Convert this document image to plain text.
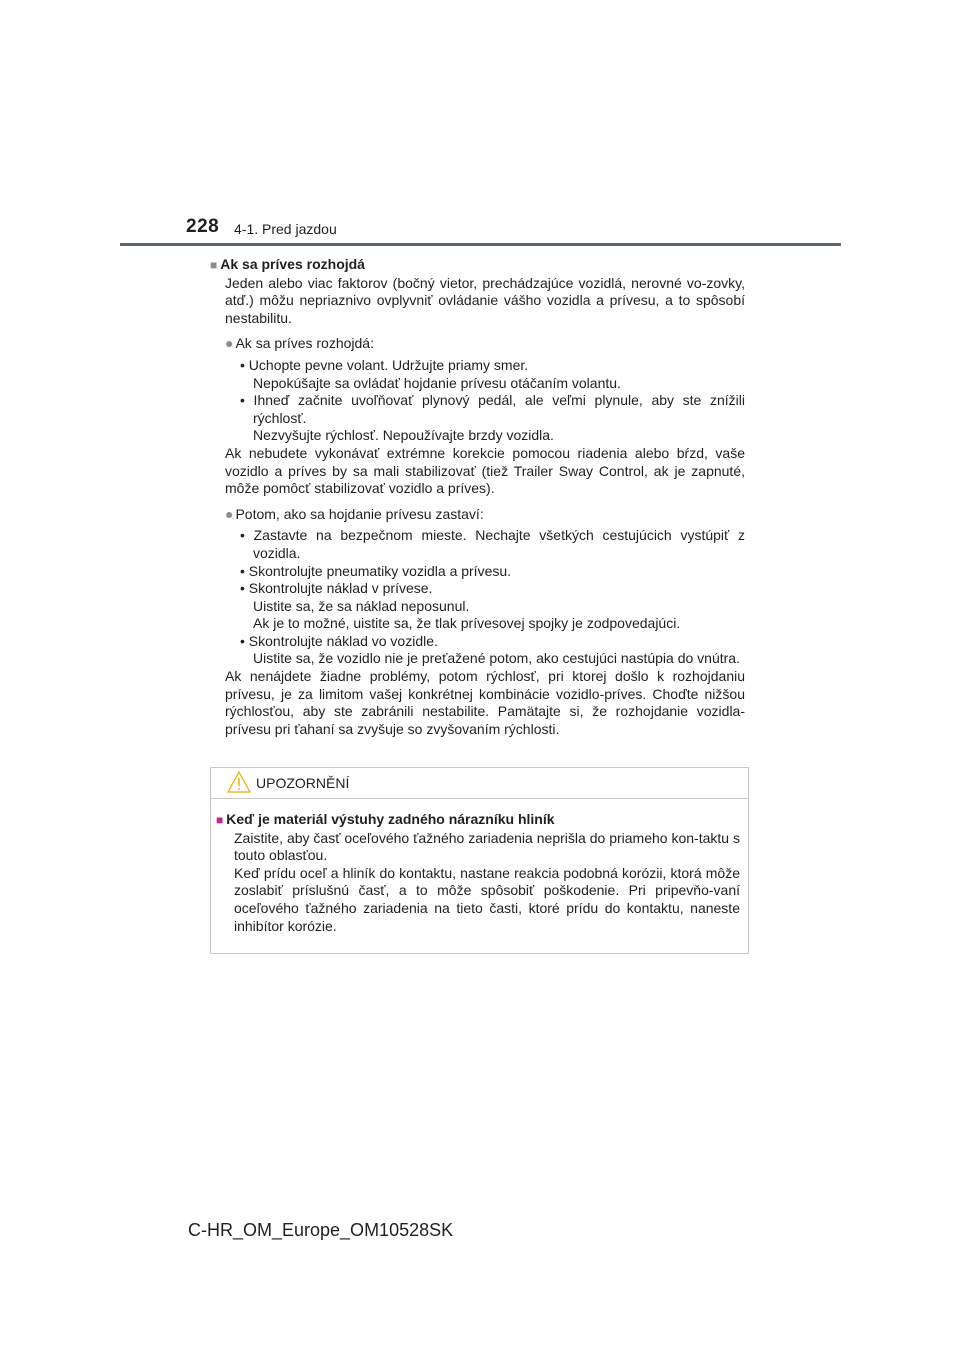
228 4-1. Pred jazdou

■ Ak sa príves rozhojdá

Jeden alebo viac faktorov (bočný vietor, prechádzajúce vozidlá, nerovné vo-zovky, atď.) môžu nepriaznivo ovplyvniť ovládanie vášho vozidla a prívesu, a to spôsobí nestabilitu.

● Ak sa príves rozhojdá:

• Uchopte pevne volant. Udržujte priamy smer.

Nepokúšajte sa ovládať hojdanie prívesu otáčaním volantu.

• Ihneď začnite uvoľňovať plynový pedál, ale veľmi plynule, aby ste znížili rýchlosť.

Nezvyšujte rýchlosť. Nepoužívajte brzdy vozidla.

Ak nebudete vykonávať extrémne korekcie pomocou riadenia alebo bŕzd, vaše vozidlo a príves by sa mali stabilizovať (tiež Trailer Sway Control, ak je zapnuté, môže pomôcť stabilizovať vozidlo a príves).

● Potom, ako sa hojdanie prívesu zastaví:

• Zastavte na bezpečnom mieste. Nechajte všetkých cestujúcich vystúpiť z vozidla.

• Skontrolujte pneumatiky vozidla a prívesu.

• Skontrolujte náklad v prívese.

Uistite sa, že sa náklad neposunul.

Ak je to možné, uistite sa, že tlak prívesovej spojky je zodpovedajúci.

• Skontrolujte náklad vo vozidle.

Uistite sa, že vozidlo nie je preťažené potom, ako cestujúci nastúpia do vnútra.

Ak nenájdete žiadne problémy, potom rýchlosť, pri ktorej došlo k rozhojdaniu prívesu, je za limitom vašej konkrétnej kombinácie vozidlo-príves. Choďte nižšou rýchlosťou, aby ste zabránili nestabilite. Pamätajte si, že rozhojdanie vozidla-prívesu pri ťahaní sa zvyšuje so zvyšovaním rýchlosti.

UPOZORNĚNÍ

■ Keď je materiál výstuhy zadného nárazníku hliník

Zaistite, aby časť oceľového ťažného zariadenia neprišla do priameho kon-taktu s touto oblasťou.

Keď prídu oceľ a hliník do kontaktu, nastane reakcia podobná korózii, ktorá môže zoslabiť príslušnú časť, a to môže spôsobiť poškodenie. Pri pripevňo-vaní oceľového ťažného zariadenia na tieto časti, ktoré prídu do kontaktu, naneste inhibítor korózie.

C-HR_OM_Europe_OM10528SK
